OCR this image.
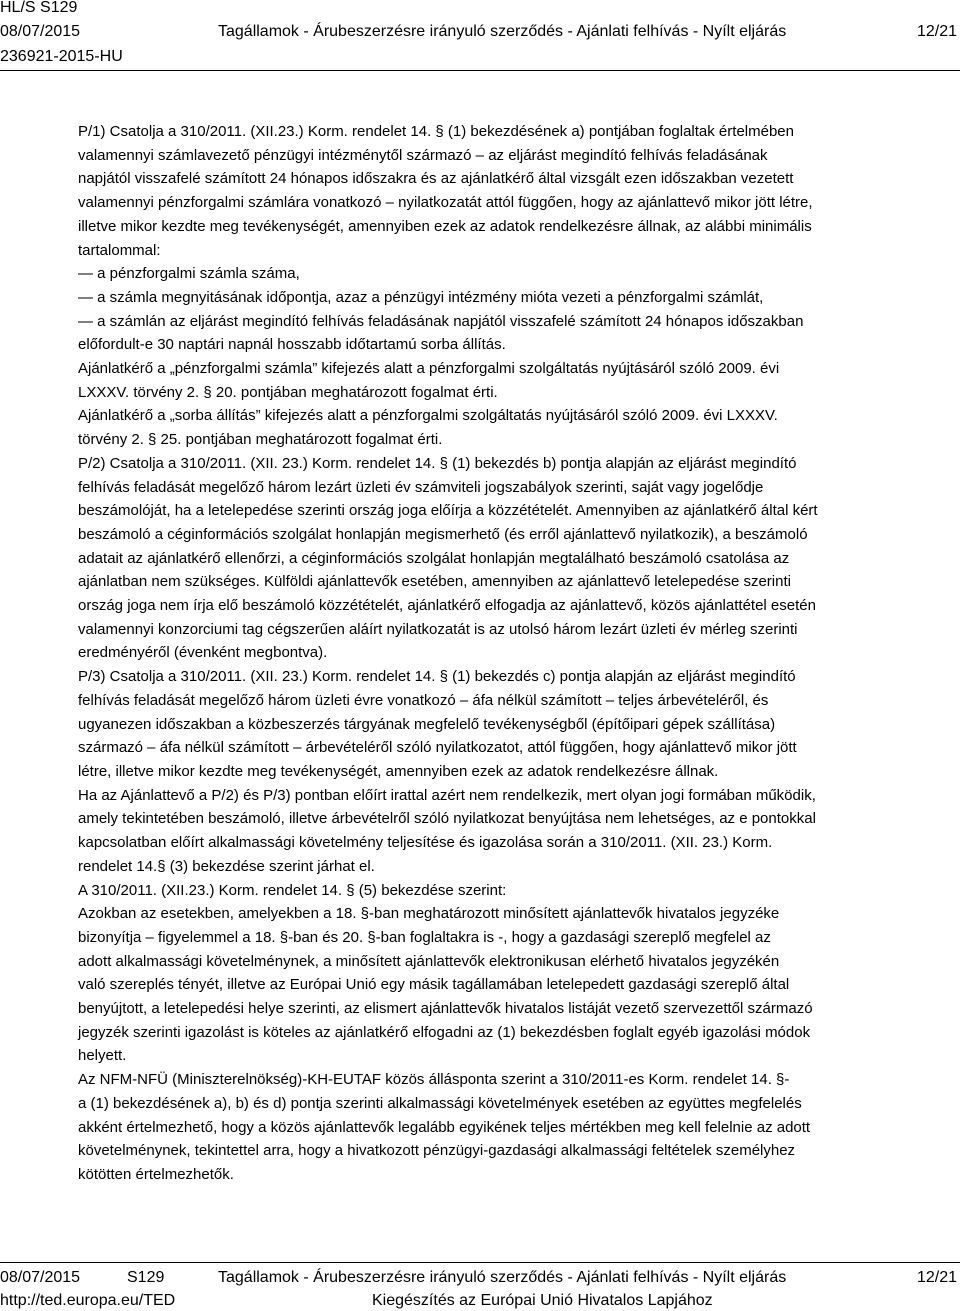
HL/S S129
08/07/2015	Tagállamok - Árubeszerzésre irányuló szerződés - Ajánlati felhívás - Nyílt eljárás	12/21
236921-2015-HU

P/1) Csatolja a 310/2011. (XII.23.) Korm. rendelet 14. § (1) bekezdésének a) pontjában foglaltak értelmében

valamennyi számlavezető pénzügyi intézménytől származó – az eljárást megindító felhívás feladásának

napjától visszafelé számított 24 hónapos időszakra és az ajánlatkérő által vizsgált ezen időszakban vezetett

valamennyi pénzforgalmi számlára vonatkozó – nyilatkozatát attól függően, hogy az ajánlattevő mikor jött létre,

illetve mikor kezdte meg tevékenységét, amennyiben ezek az adatok rendelkezésre állnak, az alábbi minimális

tartalommal:

— a pénzforgalmi számla száma,

— a számla megnyitásának időpontja, azaz a pénzügyi intézmény mióta vezeti a pénzforgalmi számlát,

— a számlán az eljárást megindító felhívás feladásának napjától visszafelé számított 24 hónapos időszakban

előfordult-e 30 naptári napnál hosszabb időtartamú sorba állítás.

Ajánlatkérő a „pénzforgalmi számla” kifejezés alatt a pénzforgalmi szolgáltatás nyújtásáról szóló 2009. évi

LXXXV. törvény 2. § 20. pontjában meghatározott fogalmat érti.

Ajánlatkérő a „sorba állítás” kifejezés alatt a pénzforgalmi szolgáltatás nyújtásáról szóló 2009. évi LXXXV.

törvény 2. § 25. pontjában meghatározott fogalmat érti.

P/2) Csatolja a 310/2011. (XII. 23.) Korm. rendelet 14. § (1) bekezdés b) pontja alapján az eljárást megindító

felhívás feladását megelőző három lezárt üzleti év számviteli jogszabályok szerinti, saját vagy jogelődje

beszámolóját, ha a letelepedése szerinti ország joga előírja a közzétételét. Amennyiben az ajánlatkérő által kért

beszámoló a céginformációs szolgálat honlapján megismerhető (és erről ajánlattevő nyilatkozik), a beszámoló

adatait az ajánlatkérő ellenőrzi, a céginformációs szolgálat honlapján megtalálható beszámoló csatolása az

ajánlatban nem szükséges. Külföldi ajánlattevők esetében, amennyiben az ajánlattevő letelepedése szerinti

ország joga nem írja elő beszámoló közzétételét, ajánlatkérő elfogadja az ajánlattevő, közös ajánlattétel esetén

valamennyi konzorciumi tag cégszerűen aláírt nyilatkozatát is az utolsó három lezárt üzleti év mérleg szerinti

eredményéről (évenként megbontva).

P/3) Csatolja a 310/2011. (XII. 23.) Korm. rendelet 14. § (1) bekezdés c) pontja alapján az eljárást megindító

felhívás feladását megelőző három üzleti évre vonatkozó – áfa nélkül számított – teljes árbevételéről, és

ugyanezen időszakban a közbeszerzés tárgyának megfelelő tevékenységből (építőipari gépek szállítása)

származó – áfa nélkül számított – árbevételéről szóló nyilatkozatot, attól függően, hogy ajánlattevő mikor jött

létre, illetve mikor kezdte meg tevékenységét, amennyiben ezek az adatok rendelkezésre állnak.

Ha az Ajánlattevő a P/2) és P/3) pontban előírt irattal azért nem rendelkezik, mert olyan jogi formában működik,

amely tekintetében beszámoló, illetve árbevételről szóló nyilatkozat benyújtása nem lehetséges, az e pontokkal

kapcsolatban előírt alkalmassági követelmény teljesítése és igazolása során a 310/2011. (XII. 23.) Korm.

rendelet 14.§ (3) bekezdése szerint járhat el.

A 310/2011. (XII.23.) Korm. rendelet 14. § (5) bekezdése szerint:

Azokban az esetekben, amelyekben a 18. §-ban meghatározott minősített ajánlattevők hivatalos jegyzéke

bizonyítja – figyelemmel a 18. §-ban és 20. §-ban foglaltakra is -, hogy a gazdasági szereplő megfelel az

adott alkalmassági követelménynek, a minősített ajánlattevők elektronikusan elérhető hivatalos jegyzékén

való szereplés tényét, illetve az Európai Unió egy másik tagállamában letelepedett gazdasági szereplő által

benyújtott, a letelepedési helye szerinti, az elismert ajánlattevők hivatalos listáját vezető szervezettől származó

jegyzék szerinti igazolást is köteles az ajánlatkérő elfogadni az (1) bekezdésben foglalt egyéb igazolási módok

helyett.

Az NFM-NFÜ (Miniszterelnökség)-KH-EUTAF közös állásponta szerint a 310/2011-es Korm. rendelet 14. §-

a (1) bekezdésének a), b) és d) pontja szerinti alkalmassági követelmények esetében az együttes megfelelés

akként értelmezhető, hogy a közös ajánlattevők legalább egyikének teljes mértékben meg kell felelnie az adott

követelménynek, tekintettel arra, hogy a hivatkozott pénzügyi-gazdasági alkalmassági feltételek személyhez

kötötten értelmezhetők.

08/07/2015	S129	Tagállamok - Árubeszerzésre irányuló szerződés - Ajánlati felhívás - Nyílt eljárás	12/21
http://ted.europa.eu/TED	Kiegészítés az Európai Unió Hivatalos Lapjához
